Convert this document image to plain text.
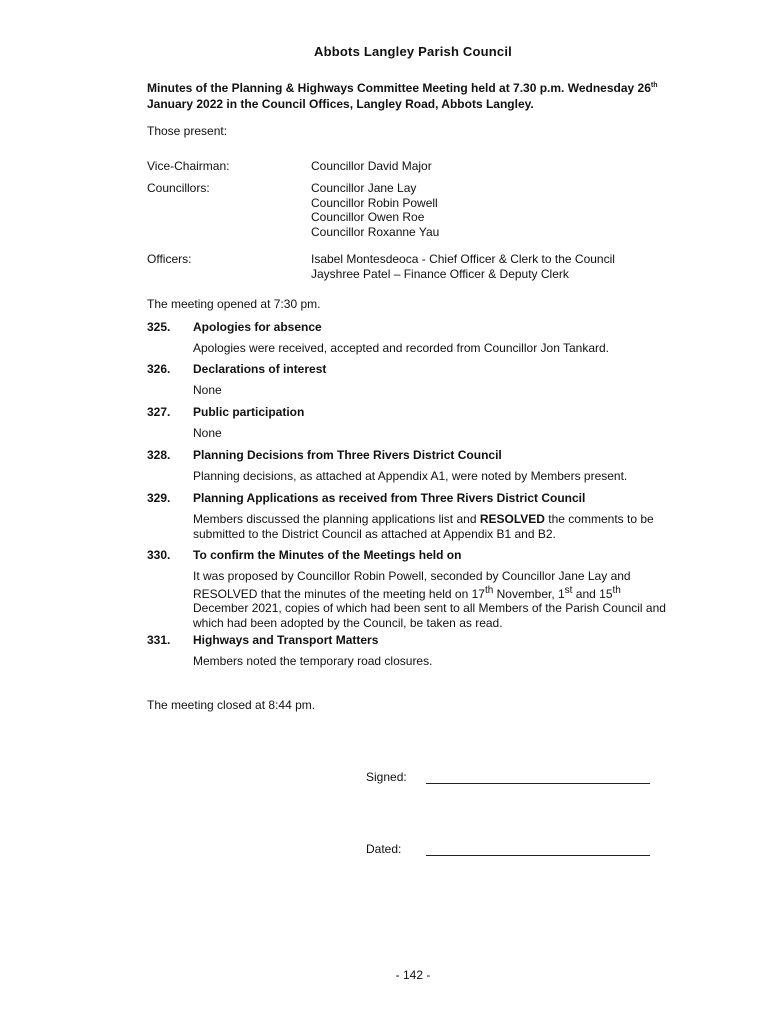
Abbots Langley Parish Council
Minutes of the Planning & Highways Committee Meeting held at 7.30 p.m. Wednesday 26th January 2022 in the Council Offices, Langley Road, Abbots Langley.
Those present:
Vice-Chairman:	Councillor David Major
Councillors:	Councillor Jane Lay
Councillor Robin Powell
Councillor Owen Roe
Councillor Roxanne Yau
Officers:	Isabel Montesdeoca - Chief Officer & Clerk to the Council
Jayshree Patel – Finance Officer & Deputy Clerk
The meeting opened at 7:30 pm.
325. Apologies for absence
Apologies were received, accepted and recorded from Councillor Jon Tankard.
326. Declarations of interest
None
327. Public participation
None
328. Planning Decisions from Three Rivers District Council
Planning decisions, as attached at Appendix A1, were noted by Members present.
329. Planning Applications as received from Three Rivers District Council
Members discussed the planning applications list and RESOLVED the comments to be submitted to the District Council as attached at Appendix B1 and B2.
330. To confirm the Minutes of the Meetings held on
It was proposed by Councillor Robin Powell, seconded by Councillor Jane Lay and RESOLVED that the minutes of the meeting held on 17th November, 1st and 15th December 2021, copies of which had been sent to all Members of the Parish Council and which had been adopted by the Council, be taken as read.
331. Highways and Transport Matters
Members noted the temporary road closures.
The meeting closed at 8:44 pm.
Signed:
Dated:
- 142 -
